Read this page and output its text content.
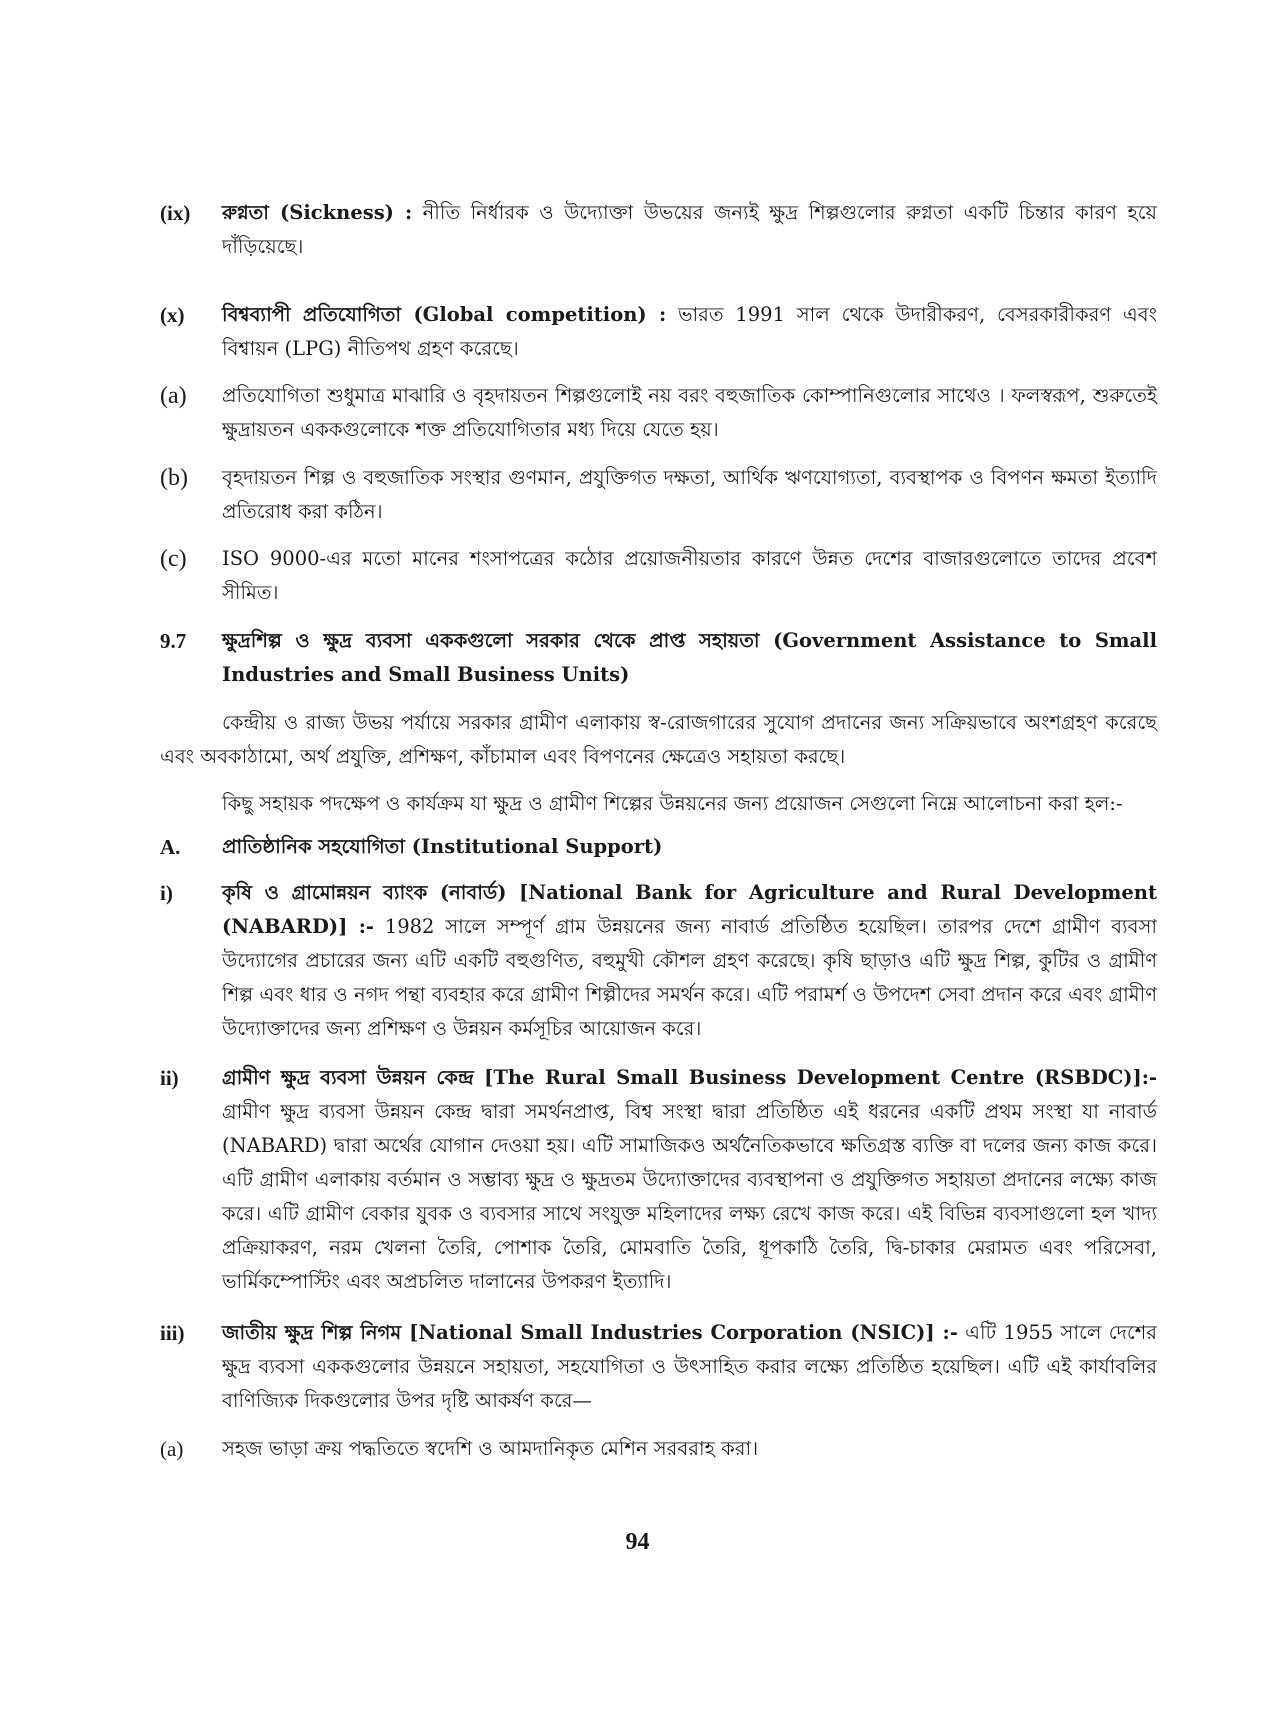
(ix)	রুগ্নতা (Sickness) : নীতি নির্ধারক ও উদ্যোক্তা উভয়ের জন্যই ক্ষুদ্র শিল্পগুলোর রুগ্নতা একটি চিন্তার কারণ হয়ে দাঁড়িয়েছে।
(x)	বিশ্বব্যাপী প্রতিযোগিতা (Global competition) : ভারত 1991 সাল থেকে উদারীকরণ, বেসরকারীকরণ এবং বিশ্বায়ন (LPG) নীতিপথ গ্রহণ করেছে।
(a)	প্রতিযোগিতা শুধুমাত্র মাঝারি ও বৃহদায়তন শিল্পগুলোই নয় বরং বহুজাতিক কোম্পানিগুলোর সাথেও । ফলস্বরূপ, শুরুতেই ক্ষুদ্রায়তন এককগুলোকে শক্ত প্রতিযোগিতার মধ্য দিয়ে যেতে হয়।
(b)	বৃহদায়তন শিল্প ও বহুজাতিক সংস্থার গুণমান, প্রযুক্তিগত দক্ষতা, আর্থিক ঋণযোগ্যতা, ব্যবস্থাপক ও বিপণন ক্ষমতা ইত্যাদি প্রতিরোধ করা কঠিন।
(c)	ISO 9000-এর মতো মানের শংসাপত্রের কঠোর প্রয়োজনীয়তার কারণে উন্নত দেশের বাজারগুলোতে তাদের প্রবেশ সীমিত।
9.7	ক্ষুদ্রশিল্প ও ক্ষুদ্র ব্যবসা এককগুলো সরকার থেকে প্রাপ্ত সহায়তা (Government Assistance to Small Industries and Small Business Units)
কেন্দ্রীয় ও রাজ্য উভয় পর্যায়ে সরকার গ্রামীণ এলাকায় স্ব-রোজগারের সুযোগ প্রদানের জন্য সক্রিয়ভাবে অংশগ্রহণ করেছে এবং অবকাঠামো, অর্থ প্রযুক্তি, প্রশিক্ষণ, কাঁচামাল এবং বিপণনের ক্ষেত্রেও সহায়তা করছে।
কিছু সহায়ক পদক্ষেপ ও কার্যক্রম যা ক্ষুদ্র ও গ্রামীণ শিল্পের উন্নয়নের জন্য প্রয়োজন সেগুলো নিম্নে আলোচনা করা হল:-
A.	প্রাতিষ্ঠানিক সহযোগিতা (Institutional Support)
i)	কৃষি ও গ্রামোন্নয়ন ব্যাংক (নাবার্ড) [National Bank for Agriculture and Rural Development (NABARD)] :- 1982 সালে সম্পূর্ণ গ্রাম উন্নয়নের জন্য নাবার্ড প্রতিষ্ঠিত হয়েছিল। তারপর দেশে গ্রামীণ ব্যবসা উদ্যোগের প্রচারের জন্য এটি একটি বহুগুণিত, বহুমুখী কৌশল গ্রহণ করেছে। কৃষি ছাড়াও এটি ক্ষুদ্র শিল্প, কুটির ও গ্রামীণ শিল্প এবং ধার ও নগদ পন্থা ব্যবহার করে গ্রামীণ শিল্পীদের সমর্থন করে। এটি পরামর্শ ও উপদেশ সেবা প্রদান করে এবং গ্রামীণ উদ্যোক্তাদের জন্য প্রশিক্ষণ ও উন্নয়ন কর্মসূচির আয়োজন করে।
ii)	গ্রামীণ ক্ষুদ্র ব্যবসা উন্নয়ন কেন্দ্র [The Rural Small Business Development Centre (RSBDC)]:- গ্রামীণ ক্ষুদ্র ব্যবসা উন্নয়ন কেন্দ্র দ্বারা সমর্থনপ্রাপ্ত, বিশ্ব সংস্থা দ্বারা প্রতিষ্ঠিত এই ধরনের একটি প্রথম সংস্থা যা নাবার্ড (NABARD) দ্বারা অর্থের যোগান দেওয়া হয়। এটি সামাজিকও অর্থনৈতিকভাবে ক্ষতিগ্রস্ত ব্যক্তি বা দলের জন্য কাজ করে। এটি গ্রামীণ এলাকায় বর্তমান ও সম্ভাব্য ক্ষুদ্র ও ক্ষুদ্রতম উদ্যোক্তাদের ব্যবস্থাপনা ও প্রযুক্তিগত সহায়তা প্রদানের লক্ষ্যে কাজ করে। এটি গ্রামীণ বেকার যুবক ও ব্যবসার সাথে সংযুক্ত মহিলাদের লক্ষ্য রেখে কাজ করে। এই বিভিন্ন ব্যবসাগুলো হল খাদ্য প্রক্রিয়াকরণ, নরম খেলনা তৈরি, পোশাক তৈরি, মোমবাতি তৈরি, ধূপকাঠি তৈরি, দ্বি-চাকার মেরামত এবং পরিসেবা, ভার্মিকম্পোস্টিং এবং অপ্রচলিত দালানের উপকরণ ইত্যাদি।
iii)	জাতীয় ক্ষুদ্র শিল্প নিগম [National Small Industries Corporation (NSIC)] :- এটি 1955 সালে দেশের ক্ষুদ্র ব্যবসা এককগুলোর উন্নয়নে সহায়তা, সহযোগিতা ও উৎসাহিত করার লক্ষ্যে প্রতিষ্ঠিত হয়েছিল। এটি এই কার্যাবলির বাণিজ্যিক দিকগুলোর উপর দৃষ্টি আকর্ষণ করে—
(a)	সহজ ভাড়া ক্রয় পদ্ধতিতে স্বদেশি ও আমদানিকৃত মেশিন সরবরাহ করা।
94
